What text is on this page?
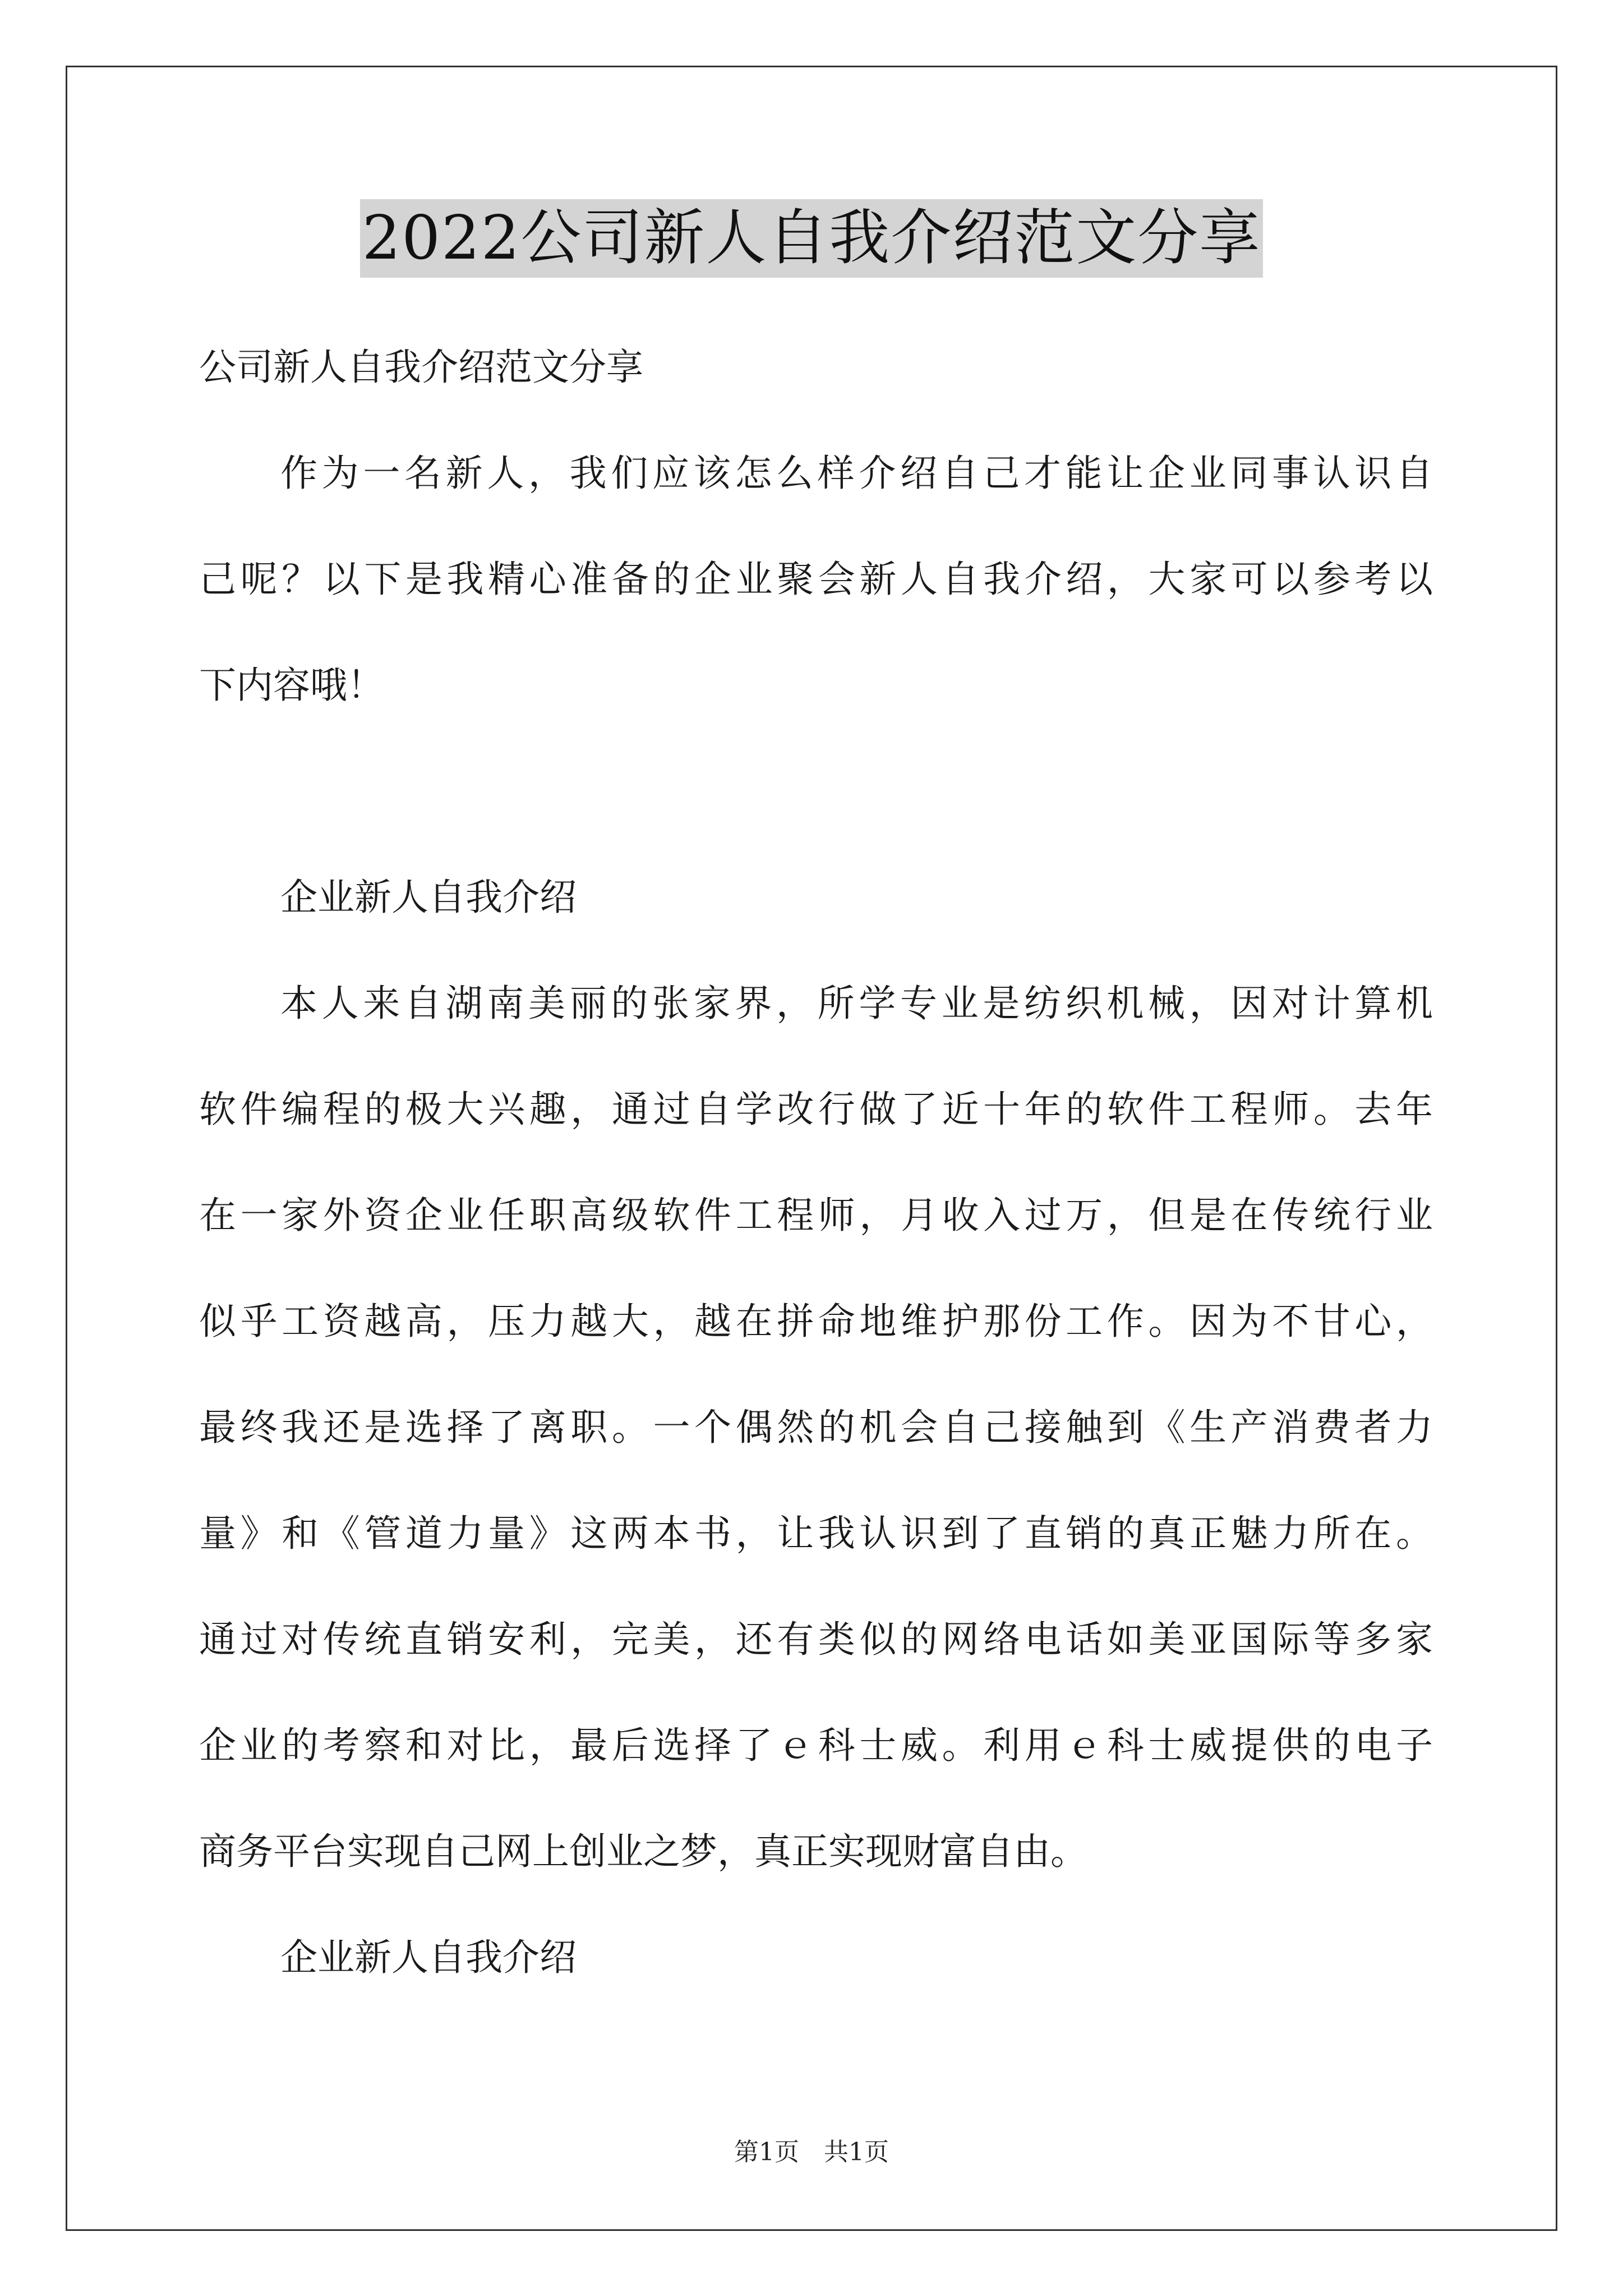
2022公司新人自我介绍范文分享
公司新人自我介绍范文分享
作为一名新人，我们应该怎么样介绍自己才能让企业同事认识自
己呢？以下是我精心准备的企业聚会新人自我介绍，大家可以参考以
下内容哦！
企业新人自我介绍
本人来自湖南美丽的张家界，所学专业是纺织机械，因对计算机
软件编程的极大兴趣，通过自学改行做了近十年的软件工程师。去年
在一家外资企业任职高级软件工程师，月收入过万，但是在传统行业
似乎工资越高，压力越大，越在拼命地维护那份工作。因为不甘心，
最终我还是选择了离职。一个偶然的机会自己接触到《生产消费者力
量》和《管道力量》这两本书，让我认识到了直销的真正魅力所在。
通过对传统直销安利，完美，还有类似的网络电话如美亚国际等多家
企业的考察和对比，最后选择了ｅ科士威。利用ｅ科士威提供的电子
商务平台实现自己网上创业之梦，真正实现财富自由。
企业新人自我介绍
第1页 共1页
